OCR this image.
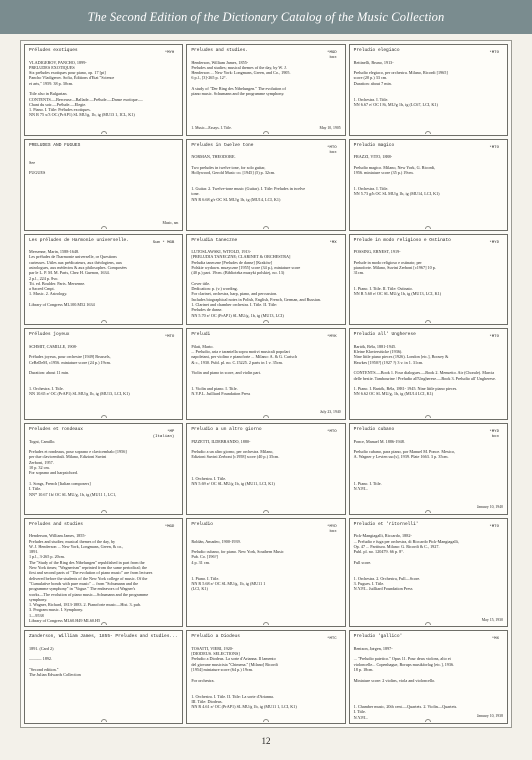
The Second Edition of the Dictionary Catalog of the Music Collection
Préludes exotiques	*MYH
VLADIGEROV, PANCHO, 1899-
PRELUDES EXOTIQUES
Six préludes exotiques pour piano, op. 17 [pt]
Pancho Vladigerov. Sofia, Éditions d'Etat "Science
et arts," 1959. 38 p. 30cm.

Title also in Bulgarian.
CONTENTS.—Berceuse—Ballade.—Prélude.—Danse exotique.—
Chant du soir.—Prélude.—Elegie.
1. Piano. I. Title: Préludes exotiques.
NN R 75 x/3 OC (PrAP1) SL MU/g, 1b, ig (MU13 1, ICL, K1)
Preludes and studies.	*MGD
box
Henderson, William James, 1855-
Preludes and studies; musical themes of the day, by W. J.
Henderson ... New York: Longmans, Green, and Co., 1905.
6 p.l., [3]-265 p. 12°.

A study of "Der Ring des Nibelungen." The evolution of
piano music. Schumann and the programme symphony.
May 10, 1905
1. Music—Essays. I. Title.
Preludio elegiaco	*MTO
Bettinelli, Bruno, 1913-

Preludio elegiaco, per orchestra. Milano, Ricordi [1965]
score (20 p.) 33 cm.
Duration: about 7 min.

1. Orchestra. I. Title.
NN 6.67 e/ OC I 8t, MU/g 1b, ig (LC67, LCI, K1)
PRELUDES AND FUGUES

See

FUGUES
Music, sm
Preludes in twelve tone	*MTO
box
NORMAN, THEODORE.

Two preludes in twelve tone, for solo guitar,
Hollywood, Gerold Music co. [1945] (5) p. 32cm.

1. Guitar. 2. Twelve-tone music (Guitar). I. Title: Preludes in twelve
tone.
NN R 6.68 g/r OC SL MU/g 1b, ig (MU14, LCI, K1)
Preludio magico	*MTO
FRAZZI, VITO, 1888-

Preludio magico. Milano, New York, G. Ricordi,
1956. miniature score (35 p.) 19cm.

1. Orchestra. I. Title.
NN 5.73 g/h OC SL MU/g 1b, ig (MU14, LCI, K1)
Les préludes de Harmonie universelle.	Sum * MGB
Mersenne, Marin, 1588-1648.
Les préludes de l'harmonie universelle, or Questions
curieuses. Utiles aux prédicateurs, aux théologiens, aux
astrologues, aux médecins & aux philosophes. Composées
par le L. P. M. M. Paris, Chez H. Guenon, 1634.
2 p.l., 224 p. 8vo.
Tit. ed. Boulder. Paris. Mersenne.
a Sacred Cmpt.
1. Music. 2. Astrology.

Library of Congress ML100.M52 1634
Preludia taneczne	*MX
LUTOSLAWSKI, WITOLD, 1913-
[PRELUDIA TANECZNE; CLARINET & ORCHESTRA]
Preludia taneczne [Preludes de danse] [Kraków]
Polskie wydawn. muzyczne [1955] score (34 p.), miniature score
(40 p.) part. 19cm. (Biblioteka muzyki polskiej, no. 13)

Cover title.
Dedication: p. (v.) wording.
For clarinet, orchestra, harp, piano, and percussion.
Includes biographical notes in Polish, English, French, German, and Russian.
1. Clarinet and chamber orchestra. I. Title. II. Title:
Preludes de danse.
NN 5.70 e/ OC (PrAP1) SL MU/g, 1b, ig (MU13, LCI)
Prelude in modo religioso e Ostinato	*MYD
POSSING, ERNEST, 1919-

Prelude in modo religioso e ostinato; per
pianoforte. Milano, Suvini Zerboni [c1967] 10 p.
31cm.

1. Piano. I. Title. II. Title: Ostinato.
NN R 5.60 e/ OC SL MU/g 1b, ig (MU13, LCI, K1)
Préludes joyeux	*MTO
SCHMIT, CAMILLE, 1908-

Préludes joyeux, pour orchestre [1949] Brussels,
CeBeDeM, c1956. miniature score (24 p.) 19cm.

Duration: about 11 min.

1. Orchestra. I. Title.
NN 10.65 e/ OC (PrAP1) SL MU/g 1b, ig (MU13, LCI, K1)
Preludi	*MYK
Pilati, Mario.
... Preludio, aria e tarantella sopra motivi musicali popolari
napoletani, per violino e pianoforte ... Milano: A. & G. Carisch
& c., 1930. Publ. pl. no. C.15225. 2 parts in 1 v. 35cm.

Violin and piano in score, and violin part.

1. Violin and piano. I. Title.
N.Y.P.L. Juilliard Foundation Press
July 23, 1940
Preludio all' Ungherese	*MTO
Bartók, Béla, 1881-1945.
Kleine Klavierstücke (1936).
Nine little piano pieces (1926). London [etc.], Boosey &
Hawkes [1950?] (1927 ?) 3 v. in 1. 31cm.

CONTENTS.—Book 1. Four dialogues.—Book 2. Menuetto. Air (Chorale). Marcia
delle bestie. Tambourine / Preludio all'Ungherese.—Book 3. Preludio all' Ungherese.

1. Piano. I. Bartók, Béla, 1881- 1945. Nine little piano pieces.
NN 6.62 OC SL MU/g, 1b, ig (MU14 LCI, K1)
Preludes et rondeaux	*MP
(Italian)
Togni, Camillo.

Preludes et rondeaux, pour soprano e clavicembalo [1956]
per due clavicembali. Milano, Edizioni Suvini
Zerboni, 1957.
10 p. 32 cm.
For soprano and harpsichord.

1. Songs, French [Italian composers]
I. Title.
NN* 10.67 1b/ OC SL MU/g, 1b, ig (MU11 1, LC1,
Preludio a un altro giorno	*MTO
PIZZETTI, ILDEBRANDO, 1880-

Preludio a un altro giorno, per orchestra. Milano,
Edizioni Suvini Zerboni [c1958] score (40 p.) 35cm.

1. Orchestra. I. Title.
NN 5.69 e/ OC SL MU/g 1b, ig (MU11, LCI, K1)
Preludio cubano	*MYD
box
Ponce, Manuel M. 1886-1948.

Preludio cubano, para piano, por Manuel M. Ponce. Mexico,
A. Wagner y Levien suc[s], 1939. Plate 1663. 3 p. 35cm.

1. Piano. I. Title.
N.Y.P.L.
January 10, 1940
Preludes and studies	*MGD
Henderson, William James, 1855-
Preludes and studies; musical themes of the day, by
W. J. Henderson ... New York, Longmans, Green, & co.,
1891.
1 p.l., 3-265 p. 20cm.
The "Study of the Ring des Nibelungen" republished in part from the
New York times; "Wagnerism" reprinted from the same periodical; the
first and second parts of "The evolution of piano music" are from lectures
delivered before the students of the New York college of music. Of the
"Cumulative bonds with pure music" ... from "Schumann and the
programme symphony" in "Vogue." The endeavors of Wagner's
works—The evolution of piano music—Schumann and the programme
symphony.
1. Wagner, Richard, 1813-1883. 2. Pianoforte music—Hist. 3. pub.
3. Program music. I. Symphony.
1—9538
Library of Congress ML60.H49 ML60.H5
Preludio	*MYD
box

Roldán, Amadeo, 1900-1939.

Preludio cubano, for piano. New York, Southern Music
Pub. Co. [196?]
4 p. 31 cm.

1. Piano. I. Title.
NN R 5.68 e/ OC SL MU/g, 1b, ig (MU11 1
(LCl, K1)
Preludio et 'ritornelli'	*MTO
Pick-Mangiagalli, Riccardo, 1882-
... Preludio e fuga per orchestra, di Riccardo Pick-Mangiagalli,
Op. 47 ... Partitura. Milano: G. Ricordi & C., 1927.
Publ. pl. no. 120479. 66 p. 8°.

Full score.

1. Orchestra. 2. Orchestra, Full—Score.
3. Fugues. I. Title.
N.Y.P.L. Juilliard Foundation Press
May 15, 1930
Zanderson, William James, 1855- Preludes and studies...
1891. (Card 2)

——— 1892.

"Second edition."
The Julian Edwards Collection
Preludio a Diodeus	*MTC
TOSATTI, VIERI, 1920-
[DIODEUS. SELECTIONS]
Preludio a Diodeus. La sorte d'Arianna. Il lamento
del giovane musicista "Chimena." [Milano] Ricordi
[1954] miniature score (64 p.) 19cm.

For orchestra.

1. Orchestra. I. Title. II. Title: La sorte d'Arianna.
III. Title: Diodeus.
NN R 4.61 e/ OC (PrAP1) SL MU/g 1b, ig (MU11 1, LCI, K1)
Preludio 'gallico'	*MX
Bentzon, Jørgen, 1897-

... "Preludio patetico." Opus 11. Pour deux violons, alto et
violoncelle... Copenhague, Borups musikforlag [etc.], 1936.
18 p. 18cm.

Miniature score: 2 violins, viola and violoncello.

1. Chamber music, 20th cent.—Quartets. 2. Violin—Quartets.
I. Title.
N.Y.P.L.	January 10, 1938
12
